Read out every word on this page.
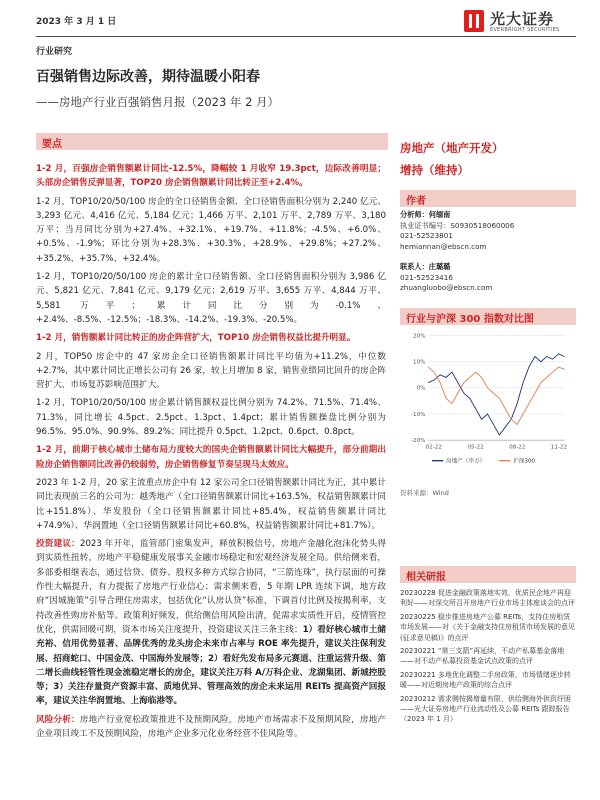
2023 年 3 月 1 日	光大证券
EVERBRIGHT SECURITIES
行业研究
百强销售边际改善，期待温暖小阳春
——房地产行业百强销售月报（2023 年 2 月）
要点

1-2 月，百强房企销售额累计同比-12.5%，降幅较 1 月收窄 19.3pct，边际改善明显；头部房企销售反弹显著，TOP20 房企销售额累计同比转正至+2.4%。

1-2 月，TOP10/20/50/100 房企的全口径销售金额、全口径销售面积分别为 2,240 亿元、3,293 亿元、4,416 亿元、5,184 亿元；1,466 万平、2,101 万平、2,789 万平、3,180 万平；当月同比分别为+27.4%、+32.1%、+19.7%、+11.8%；-4.5%、+6.0%、+0.5%、-1.9%；环比分别为+28.3%、+30.3%、+28.9%、+29.8%；+27.2%、+35.2%、+35.7%、+32.4%。

1-2 月，TOP10/20/50/100 房企的累计全口径销售额、全口径销售面积分别为 3,986 亿元、5,821 亿元、7,841 亿元、9,179 亿元；2,619 万平、3,655 万平、4,844 万平、5,581 万平；累计同比分别为-0.1%、+2.4%、-8.5%、-12.5%；-18.3%、-14.2%、-19.3%、-20.5%。

1-2 月，销售额累计同比转正的房企阵营扩大，TOP10 房企销售权益比提升明显。

2 月，TOP50 房企中的 47 家房企全口径销售额累计同比平均值为+11.2%，中位数+2.7%，其中累计同比正增长公司有 26 家，较上月增加 8 家，销售业绩同比回升的房企阵营扩大，市场复苏影响范围扩大。

1-2 月，TOP10/20/50/100 房企累计销售额权益比例分别为 74.2%、71.5%、71.4%、71.3%，同比增长 4.5pct、2.5pct、1.3pct、1.4pct；累计销售额操盘比例分别为 96.5%、95.0%、90.9%、89.2%；同比提升 0.5pct、1.2pct、0.6pct、0.8pct。

1-2 月，前期于核心城市土储布局力度较大的国央企销售额累计同比大幅提升，部分前期出险房企销售额同比改善仍较弱势，房企销售修复节奏呈现马太效应。

2023 年 1-2 月，20 家主流重点房企中有 12 家公司全口径销售额累计同比为正，其中累计同比表现前三名的公司为：越秀地产（全口径销售额累计同比+163.5%，权益销售额累计同比+151.8%）、华发股份（全口径销售额累计同比+85.4%，权益销售额累计同比+74.9%）、华润置地（全口径销售额累计同比+60.8%，权益销售额累计同比+81.7%）。

投资建议：2023 年开年，监管部门密集发声，释放积极信号，房地产金融化泡沫化势头得到实质性扭转，房地产平稳健康发展事关金融市场稳定和宏观经济发展全局。供给侧来看，多部委相继表态，通过信贷、债券、股权多种方式综合协同，“三箭连珠”，执行层面的可操作性大幅提升，有力提振了房地产行业信心；需求侧来看，5 年期 LPR 连续下调，地方政府“因城施策”引导合理住房需求，包括优化“认房认贷”标准，下调首付比例及按揭利率，支持改善性购房补贴等。政策利好频发，供给侧信用风险出清，促需求实质性开启，疫情管控优化，供需回暖可期，资本市场关注度提升，投资建议关注三条主线：1）看好核心城市土储充裕、信用优势显著、品牌优秀的龙头房企未来市占率与 ROE 率先提升，建议关注保利发展、招商蛇口、中国金茂、中国海外发展等；2）看好先发布局多元赛道、注重运营升级、第二增长曲线轻管性现金流稳定增长的房企，建议关注万科 A/万科企业、龙湖集团、新城控股等；3）关注存量资产资源丰富、质地优异、管理高效的房企未来运用 REITs 提高资产回报率，建议关注华润置地、上海临港等。

风险分析：房地产行业宽松政策推进不及预期风险，房地产市场需求不及预期风险，房地产企业项目竣工不及预期风险，房地产企业多元化业务经营不佳风险等。

房地产（地产开发）
增持（维持）
作者
分析师：何缅南
执业证书编号：S0930518060006
021-52523801
hemiannan@ebscn.com
联系人：庄璐璐
021-52523416
zhuangluobo@ebscn.com
行业与沪深 300 指数对比图
-20%
-10%
0%
10%
20%
02-22	05-22	08-22	11-22
房地产（申万）	沪深300
资料来源：Wind
相关研报

20230228 促进金融政策落地实效，优质民企地产再迎利好——对深交所召开房地产行业市场主体座谈会的点评

20230225 稳步推进房地产公募 REITs，支持住房租赁市场发展——对《关于金融支持住房租赁市场发展的意见(征求意见稿)》的点评

20230221 “第三支箭”再延续，不动产私募基金落地——对不动产私募投资基金试点政策的点评

20230221 多地优化调整二手房政策，市场情绪逐步转暖——对近期房地产政策的综合点评

20230212 需求侧按揭增量有限，供给侧海外供资纾困——光大证券房地产行业流动性及公募 REITs 跟踪报告（2023 年 1 月）
